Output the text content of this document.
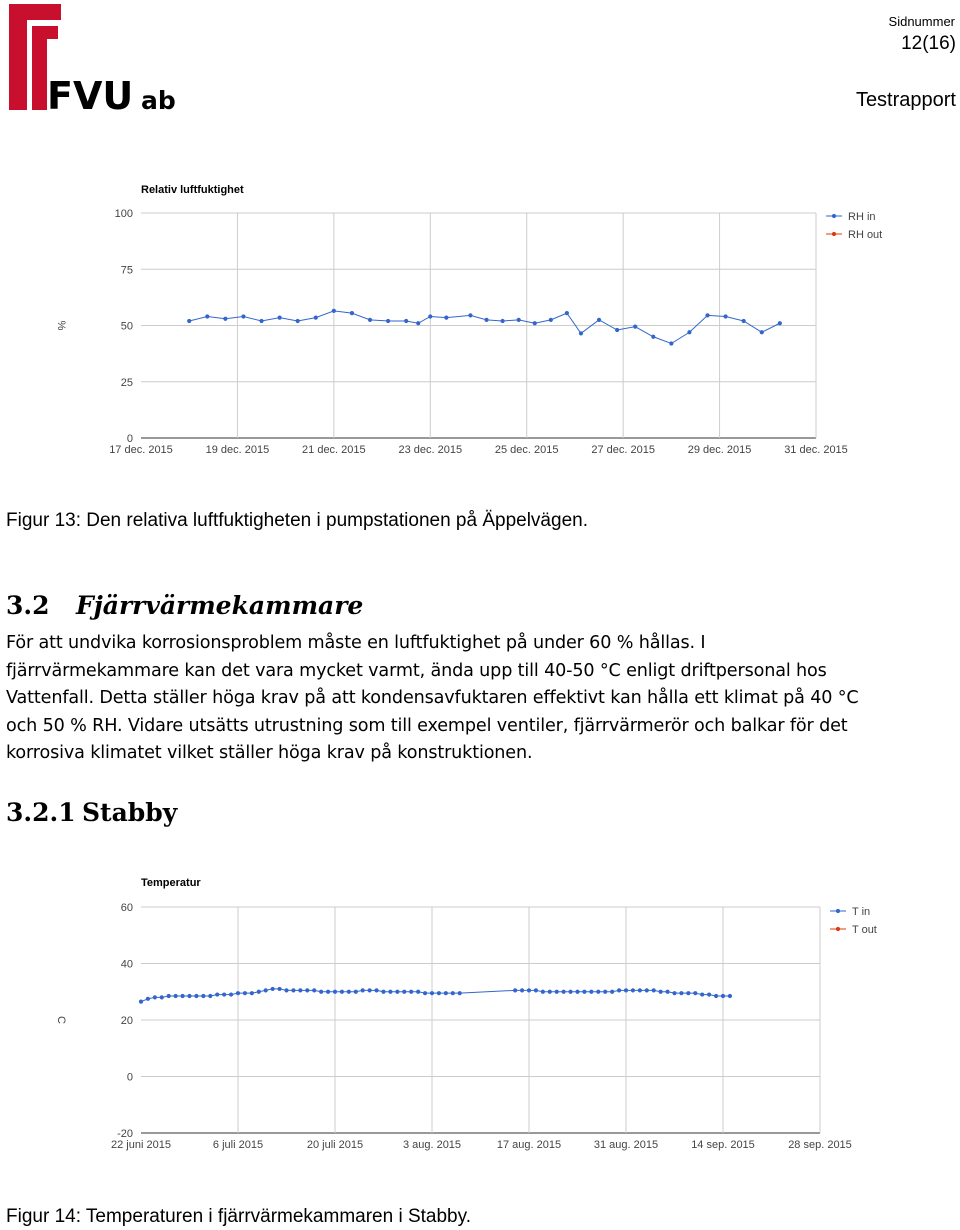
FVU ab
Sidnummer
12(16)
Testrapport
Relativ luftfuktighet
0
25
50
75
100
17 dec. 2015	19 dec. 2015	21 dec. 2015	23 dec. 2015	25 dec. 2015	27 dec. 2015	29 dec. 2015	31 dec. 2015
%
RH in
RH out
Figur 13: Den relativa luftfuktigheten i pumpstationen på Äppelvägen.
3.2 Fjärrvärmekammare
För att undvika korrosionsproblem måste en luftfuktighet på under 60 % hållas. I
fjärrvärmekammare kan det vara mycket varmt, ända upp till 40-50 °C enligt driftpersonal hos
Vattenfall. Detta ställer höga krav på att kondensavfuktaren effektivt kan hålla ett klimat på 40 °C
och 50 % RH. Vidare utsätts utrustning som till exempel ventiler, fjärrvärmerör och balkar för det
korrosiva klimatet vilket ställer höga krav på konstruktionen.
3.2.1 Stabby
Temperatur
-20
0
20
40
60
22 juni 2015	6 juli 2015	20 juli 2015	3 aug. 2015	17 aug. 2015	31 aug. 2015	14 sep. 2015	28 sep. 2015
C
T in
T out
Figur 14: Temperaturen i fjärrvärmekammaren i Stabby.
